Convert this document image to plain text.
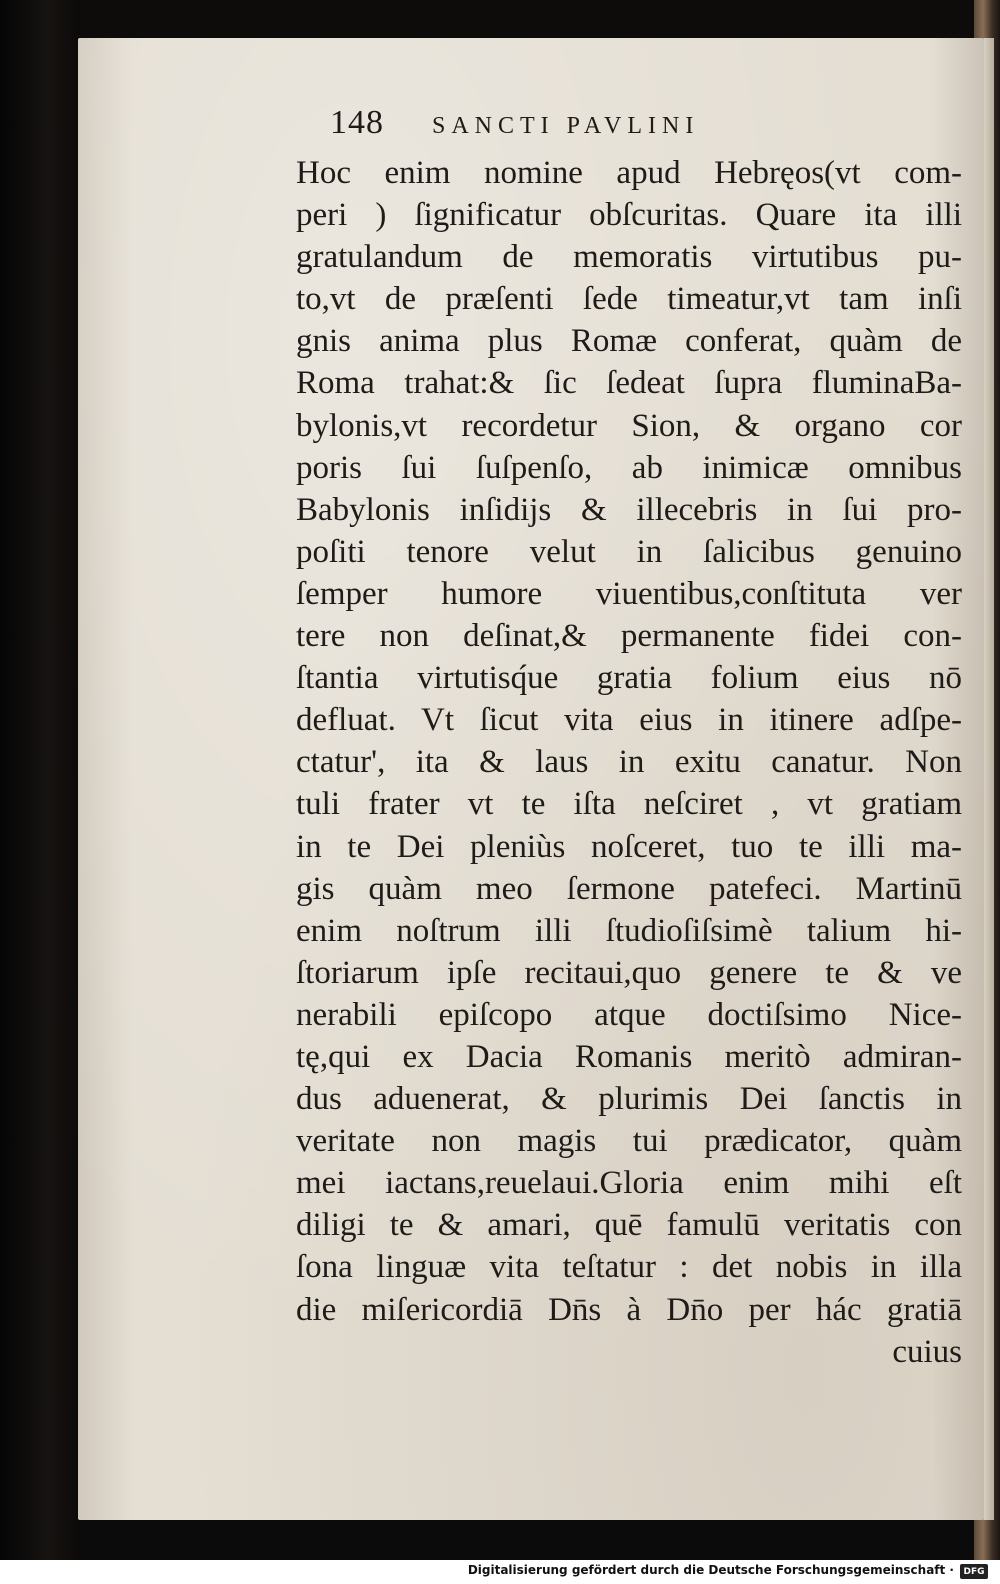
148 SANCTI PAVLINI
Hoc enim nomine apud Hebręos(vt com-
peri ) ſignificatur obſcuritas. Quare ita illi
gratulandum de memoratis virtutibus pu-
to,vt de præſenti ſede timeatur,vt tam inſi
gnis anima plus Romæ conferat, quàm de
Roma trahat:& ſic ſedeat ſupra fluminaBa-
bylonis,vt recordetur Sion, & organo cor
poris ſui ſuſpenſo, ab inimicæ omnibus
Babylonis inſidijs & illecebris in ſui pro-
poſiti tenore velut in ſalicibus genuino
ſemper humore viuentibus,conſtituta ver
tere non deſinat,& permanente fidei con-
ſtantia virtutisq́ue gratia folium eius nō
defluat. Vt ſicut vita eius in itinere adſpe-
ctatur', ita & laus in exitu canatur. Non
tuli frater vt te iſta neſciret , vt gratiam
in te Dei pleniùs noſceret, tuo te illi ma-
gis quàm meo ſermone patefeci. Martinū
enim noſtrum illi ſtudioſiſsimè talium hi-
ſtoriarum ipſe recitaui,quo genere te & ve
nerabili epiſcopo atque doctiſsimo Nice-
tę,qui ex Dacia Romanis meritò admiran-
dus aduenerat, & plurimis Dei ſanctis in
veritate non magis tui prædicator, quàm
mei iactans,reuelaui.Gloria enim mihi eſt
diligi te & amari, quē famulū veritatis con
ſona linguæ vita teſtatur : det nobis in illa
die miſericordiā Dn̄s à Dn̄o per hác gratiā
cuius
Digitalisierung gefördert durch die Deutsche Forschungsgemeinschaft ·	DFG
